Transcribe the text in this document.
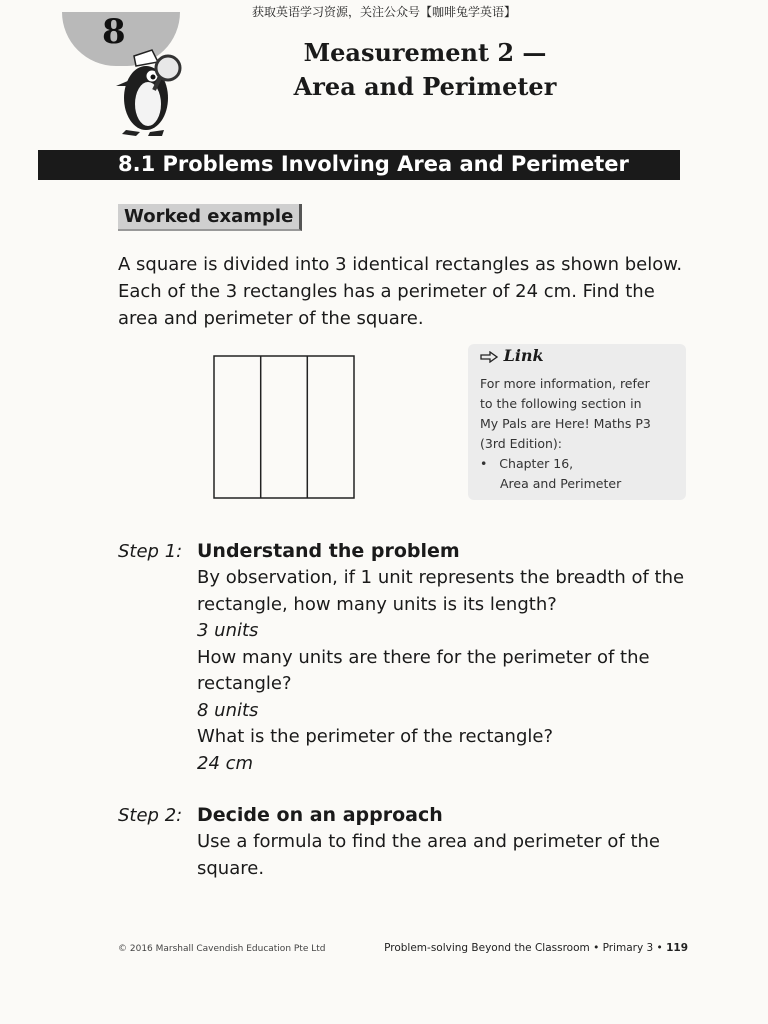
获取英语学习资源，关注公众号【咖啡兔学英语】
8
Measurement 2 —
Area and Perimeter
8.1 Problems Involving Area and Perimeter
Worked example
A square is divided into 3 identical rectangles as shown below.
Each of the 3 rectangles has a perimeter of 24 cm. Find the
area and perimeter of the square.
Link
For more information, refer
to the following section in
My Pals are Here! Maths P3
(3rd Edition):
•   Chapter 16,
Area and Perimeter
Step 1: Understand the problem
By observation, if 1 unit represents the breadth of the
rectangle, how many units is its length?
3 units
How many units are there for the perimeter of the
rectangle?
8 units
What is the perimeter of the rectangle?
24 cm
Step 2: Decide on an approach
Use a formula to find the area and perimeter of the
square.
© 2016 Marshall Cavendish Education Pte Ltd	Problem-solving Beyond the Classroom • Primary 3 • 119
